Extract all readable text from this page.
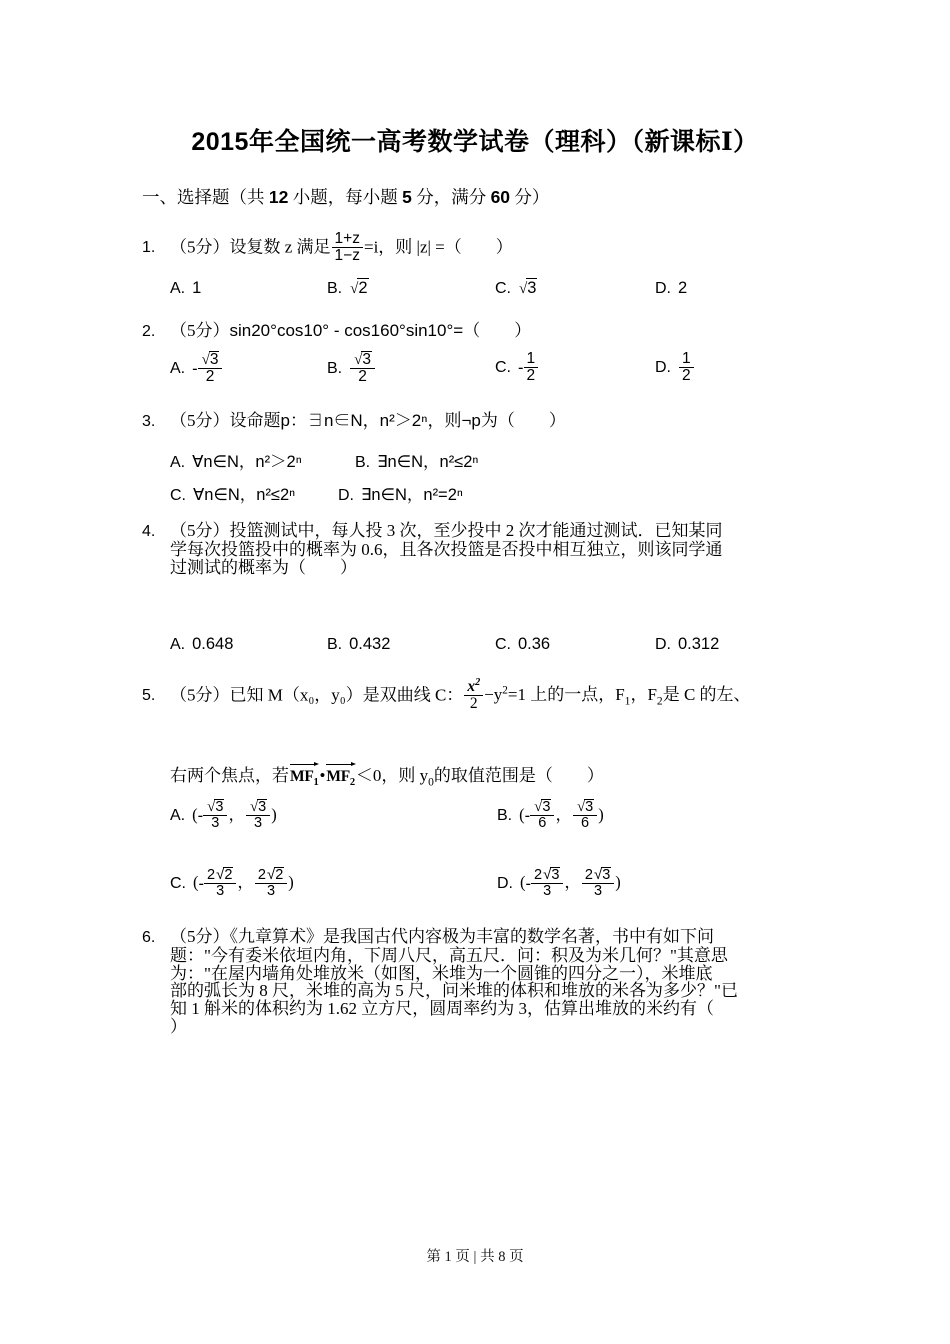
2015年全国统一高考数学试卷（理科）（新课标Ⅰ）
一、选择题（共 12 小题，每小题 5 分，满分 60 分）
1. （5分）设复数 z 满足 $\frac{1+z}{1-z} =i$，则 |z| =（　　）
A. 1	B. √2	C. √3	D. 2
2. （5分）sin20°cos10° - cos160°sin10°=（　　）
A. - $\frac{√3}{2}$	B. $\frac{√3}{2}$	C. - $\frac{1}{2}$	D. $\frac{1}{2}$
3. （5分）设命题p：∃n∈N，n²＞2ⁿ，则¬p为（　　）
A. ∀n∈N，n²＞2ⁿ	B. ∃n∈N，n²≤2ⁿ
C. ∀n∈N，n²≤2ⁿ	D. ∃n∈N，n²=2ⁿ
4. （5分）投篮测试中，每人投 3 次，至少投中 2 次才能通过测试．已知某同
学每次投篮投中的概率为 0.6，且各次投篮是否投中相互独立，则该同学通
过测试的概率为（　　）
A. 0.648	B. 0.432	C. 0.36	D. 0.312
5. （5分）已知 M（x₀，y₀）是双曲线 C： $\frac{x^2}{2} -y^2=1$ 上的一点，$F_1$，$F_2$是 C 的左、
右两个焦点，若
$MF_1•$
$MF_2<0$，则 $y_0$的取值范围是（　　）
A. (- $\frac{√3}{3}$ ， $\frac{√3}{3}$ )	B. (- $\frac{√3}{6}$ ， $\frac{√3}{6}$ )
C. (- $\frac{2√2}{3}$ ， $\frac{2√2}{3}$ )	D. (- $\frac{2√3}{3}$ ， $\frac{2√3}{3}$ )
6. （5分）《九章算术》是我国古代内容极为丰富的数学名著，书中有如下问
题："今有委米依垣内角，下周八尺，高五尺．问：积及为米几何？"其意思
为："在屋内墙角处堆放米（如图，米堆为一个圆锥的四分之一），米堆底
部的弧长为 8 尺，米堆的高为 5 尺，问米堆的体积和堆放的米各为多少？"已
知 1 斛米的体积约为 1.62 立方尺，圆周率约为 3，估算出堆放的米约有（
）
第 1 页 | 共 8 页
